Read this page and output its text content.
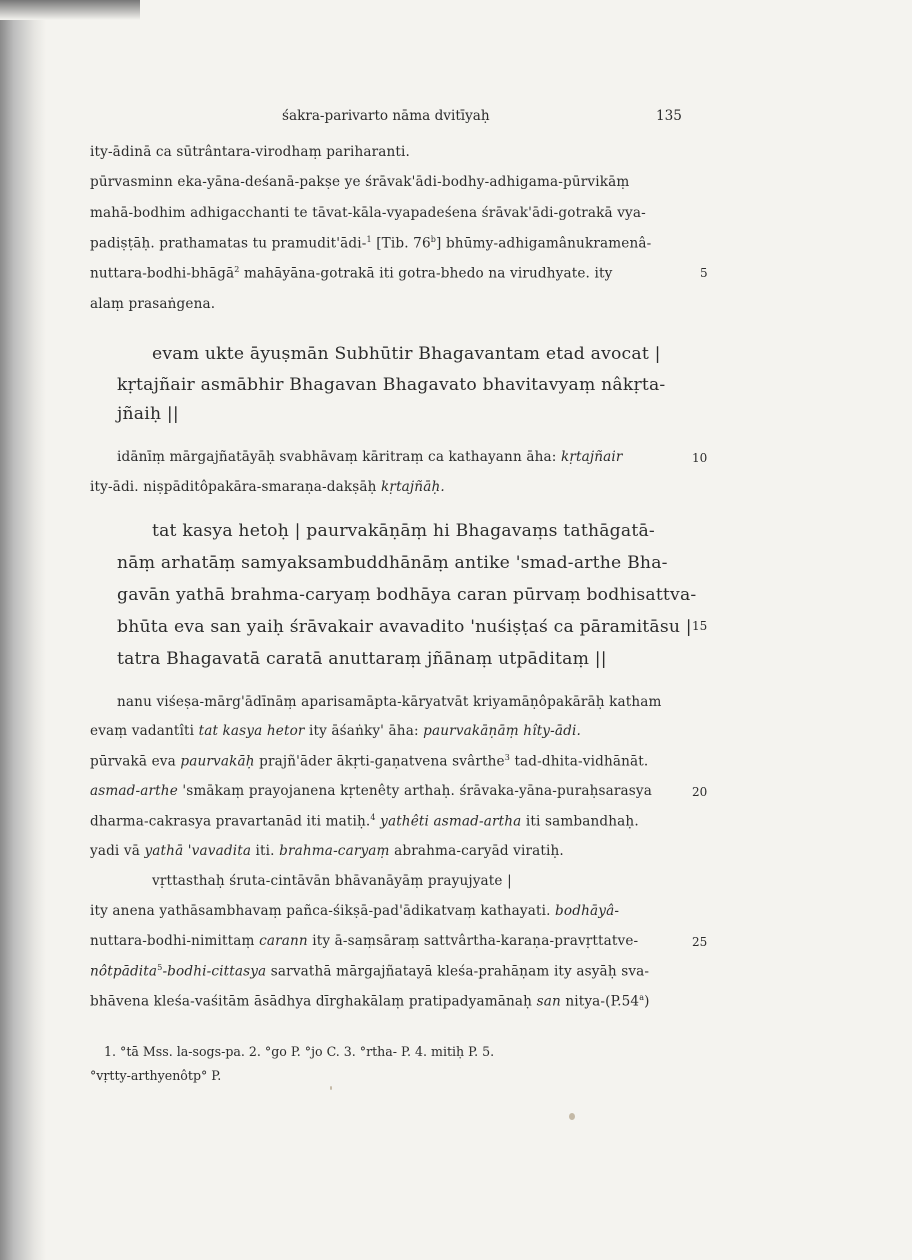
śakra-parivarto nāma dvitīyaḥ	135
ity-ādinā ca sūtrântara-virodhaṃ pariharanti.
pūrvasminn eka-yāna-deśanā-pakṣe ye śrāvak'ādi-bodhy-adhigama-pūrvikāṃ
mahā-bodhim adhigacchanti te tāvat-kāla-vyapadeśena śrāvak'ādi-gotrakā vya-
padiṣṭāḥ. prathamatas tu pramudit'ādi-$^1$ [Tib. 76$^b$] bhūmy-adhigamânukramenâ-
nuttara-bodhi-bhāgā$^2$ mahāyāna-gotrakā iti gotra-bhedo na virudhyate. ity
alaṃ prasaṅgena.
evam ukte āyuṣmān Subhūtir Bhagavantam etad avocat |
kṛtajñair asmābhir Bhagavan Bhagavato bhavitavyaṃ nâkṛta-
jñaiḥ ||
idānīṃ mārgajñatāyāḥ svabhāvaṃ kāritraṃ ca kathayann āha: kṛtajñair
ity-ādi. niṣpāditôpakāra-smaraṇa-dakṣāḥ kṛtajñāḥ.
tat kasya hetoḥ | paurvakāṇāṃ hi Bhagavaṃs tathāgatā-
nāṃ arhatāṃ samyaksambuddhānāṃ antike 'smad-arthe Bha-
gavān yathā brahma-caryaṃ bodhāya caran pūrvaṃ bodhisattva-
bhūta eva san yaiḥ śrāvakair avavadito 'nuśiṣṭaś ca pāramitāsu |
tatra Bhagavatā caratā anuttaraṃ jñānaṃ utpāditaṃ ||
nanu viśeṣa-mārg'ādīnāṃ aparisamāpta-kāryatvāt kriyamāṇôpakārāḥ katham
evaṃ vadantîti tat kasya hetor ity āśaṅky' āha: paurvakāṇāṃ hîty-ādi.
pūrvakā eva paurvakāḥ prajñ'āder ākṛti-gaṇatvena svârthe$^3$ tad-dhita-vidhānāt.
asmad-arthe 'smākaṃ prayojanena kṛtenêty arthaḥ. śrāvaka-yāna-puraḥsarasya
dharma-cakrasya pravartanād iti matiḥ.$^4$ yathêti asmad-artha iti sambandhaḥ.
yadi vā yathā 'vavadita iti. brahma-caryaṃ abrahma-caryād viratiḥ.
vṛttasthaḥ śruta-cintāvān bhāvanāyāṃ prayujyate |
ity anena yathāsambhavaṃ pañca-śikṣā-pad'ādikatvaṃ kathayati. bodhāyâ-
nuttara-bodhi-nimittaṃ carann ity ā-saṃsāraṃ sattvârtha-karaṇa-pravṛttatve-
nôtpādita$^5$-bodhi-cittasya sarvathā mārgajñatayā kleśa-prahāṇam ity asyāḥ sva-
bhāvena kleśa-vaśitām āsādhya dīrghakālaṃ pratipadyamānaḥ san nitya-(P.54$^a$)
5
10
15
20
25
1. °tā Mss. la-sogs-pa. 2. °go P. °jo C. 3. °rtha- P. 4. mitiḥ P. 5.
°vṛtty-arthyenôtp° P.
